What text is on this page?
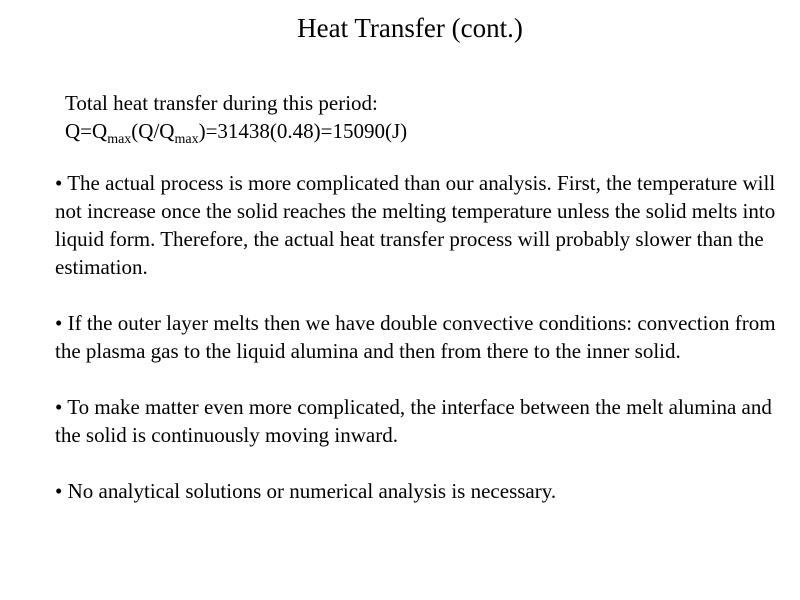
Heat Transfer (cont.)
Total heat transfer during this period:
$Q=Q_{max}(Q/Q_{max})=31438(0.48)=15090(J)$

• The actual process is more complicated than our analysis. First, the temperature will not increase once the solid reaches the melting temperature unless the solid melts into liquid form. Therefore, the actual heat transfer process will probably slower than the estimation.

• If the outer layer melts then we have double convective conditions: convection from the plasma gas to the liquid alumina and then from there to the inner solid.

• To make matter even more complicated, the interface between the melt alumina and the solid is continuously moving inward.

• No analytical solutions or numerical analysis is necessary.
